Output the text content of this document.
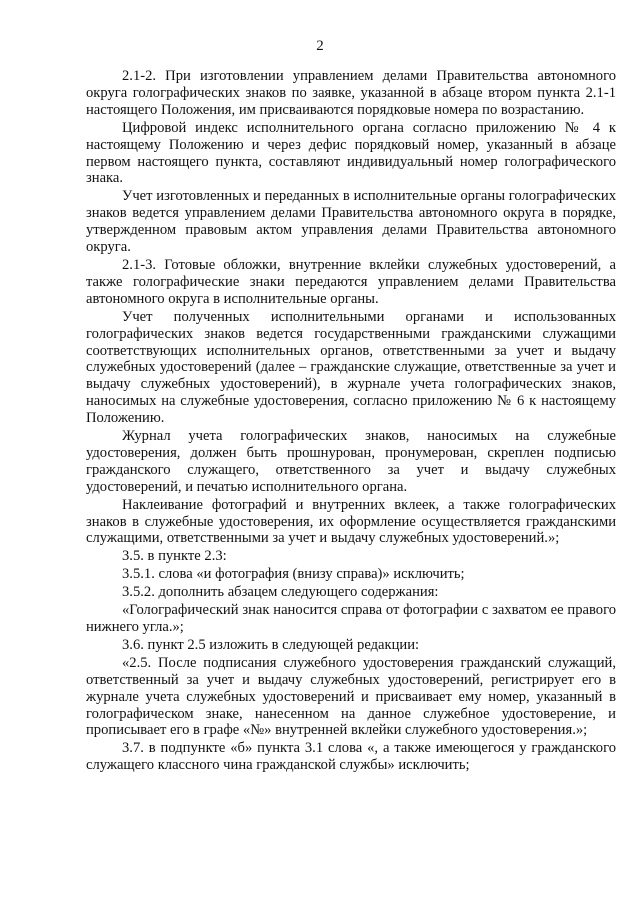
2

2.1-2. При изготовлении управлением делами Правительства автономного округа голографических знаков по заявке, указанной в абзаце втором пункта 2.1-1 настоящего Положения, им присваиваются порядковые номера по возрастанию.

Цифровой индекс исполнительного органа согласно приложению № 4 к настоящему Положению и через дефис порядковый номер, указанный в абзаце первом настоящего пункта, составляют индивидуальный номер голографического знака.

Учет изготовленных и переданных в исполнительные органы голографических знаков ведется управлением делами Правительства автономного округа в порядке, утвержденном правовым актом управления делами Правительства автономного округа.

2.1-3. Готовые обложки, внутренние вклейки служебных удостоверений, а также голографические знаки передаются управлением делами Правительства автономного округа в исполнительные органы.

Учет полученных исполнительными органами и использованных голографических знаков ведется государственными гражданскими служащими соответствующих исполнительных органов, ответственными за учет и выдачу служебных удостоверений (далее – гражданские служащие, ответственные за учет и выдачу служебных удостоверений), в журнале учета голографических знаков, наносимых на служебные удостоверения, согласно приложению № 6 к настоящему Положению.

Журнал учета голографических знаков, наносимых на служебные удостоверения, должен быть прошнурован, пронумерован, скреплен подписью гражданского служащего, ответственного за учет и выдачу служебных удостоверений, и печатью исполнительного органа.

Наклеивание фотографий и внутренних вклеек, а также голографических знаков в служебные удостоверения, их оформление осуществляется гражданскими служащими, ответственными за учет и выдачу служебных удостоверений.»;

3.5. в пункте 2.3:

3.5.1. слова «и фотография (внизу справа)» исключить;

3.5.2. дополнить абзацем следующего содержания:

«Голографический знак наносится справа от фотографии с захватом ее правого нижнего угла.»;

3.6. пункт 2.5 изложить в следующей редакции:

«2.5. После подписания служебного удостоверения гражданский служащий, ответственный за учет и выдачу служебных удостоверений, регистрирует его в журнале учета служебных удостоверений и присваивает ему номер, указанный в голографическом знаке, нанесенном на данное служебное удостоверение, и прописывает его в графе «№» внутренней вклейки служебного удостоверения.»;

3.7. в подпункте «б» пункта 3.1 слова «, а также имеющегося у гражданского служащего классного чина гражданской службы» исключить;
